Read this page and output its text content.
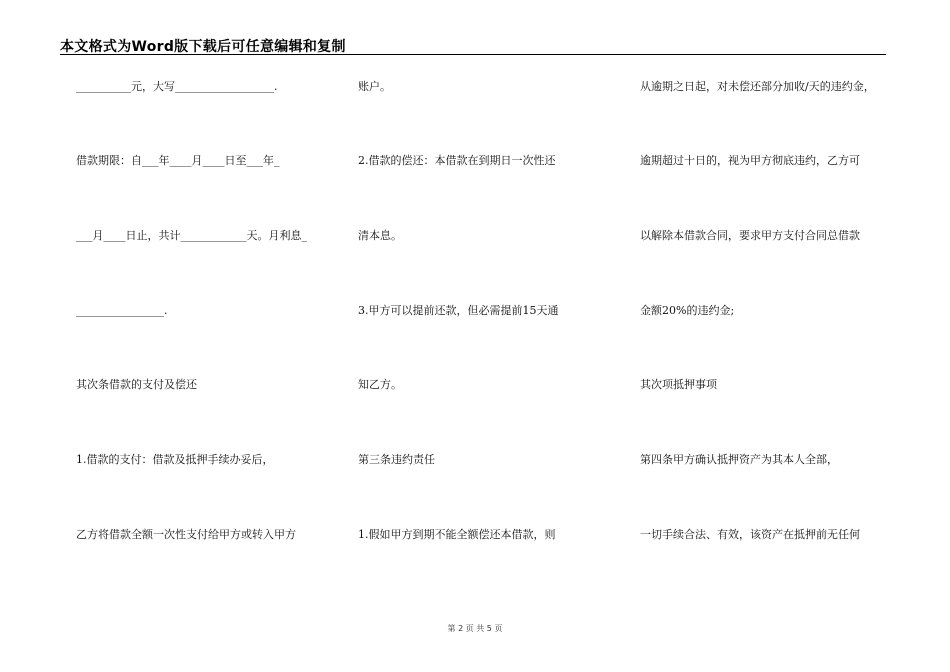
本文格式为Word版下载后可任意编辑和复制
__________元，大写__________________.
借款期限：自___年____月____日至___年_
___月____日止，共计____________天。月利息_
________________.
其次条借款的支付及偿还
1.借款的支付：借款及抵押手续办妥后，
乙方将借款全额一次性支付给甲方或转入甲方
账户。
2.借款的偿还：本借款在到期日一次性还
清本息。
3.甲方可以提前还款，但必需提前15天通
知乙方。
第三条违约责任
1.假如甲方到期不能全额偿还本借款，则
从逾期之日起，对未偿还部分加收/天的违约金，
逾期超过十日的，视为甲方彻底违约，乙方可
以解除本借款合同，要求甲方支付合同总借款
金额20%的违约金;
其次项抵押事项
第四条甲方确认抵押资产为其本人全部，
一切手续合法、有效，该资产在抵押前无任何
第 2 页 共 5 页
